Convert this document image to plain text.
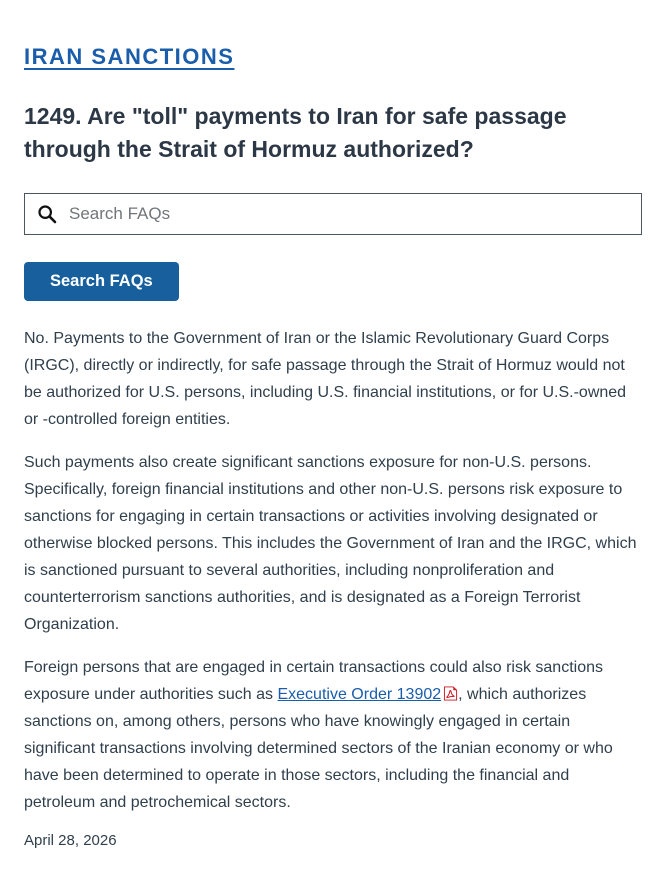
IRAN SANCTIONS
1249. Are "toll" payments to Iran for safe passage through the Strait of Hormuz authorized?
Search FAQs
Search FAQs

No. Payments to the Government of Iran or the Islamic Revolutionary Guard Corps (IRGC), directly or indirectly, for safe passage through the Strait of Hormuz would not be authorized for U.S. persons, including U.S. financial institutions, or for U.S.-owned or -controlled foreign entities.

Such payments also create significant sanctions exposure for non-U.S. persons. Specifically, foreign financial institutions and other non-U.S. persons risk exposure to sanctions for engaging in certain transactions or activities involving designated or otherwise blocked persons. This includes the Government of Iran and the IRGC, which is sanctioned pursuant to several authorities, including nonproliferation and counterterrorism sanctions authorities, and is designated as a Foreign Terrorist Organization.

Foreign persons that are engaged in certain transactions could also risk sanctions exposure under authorities such as Executive Order 13902 , which authorizes sanctions on, among others, persons who have knowingly engaged in certain significant transactions involving determined sectors of the Iranian economy or who have been determined to operate in those sectors, including the financial and petroleum and petrochemical sectors.

April 28, 2026
